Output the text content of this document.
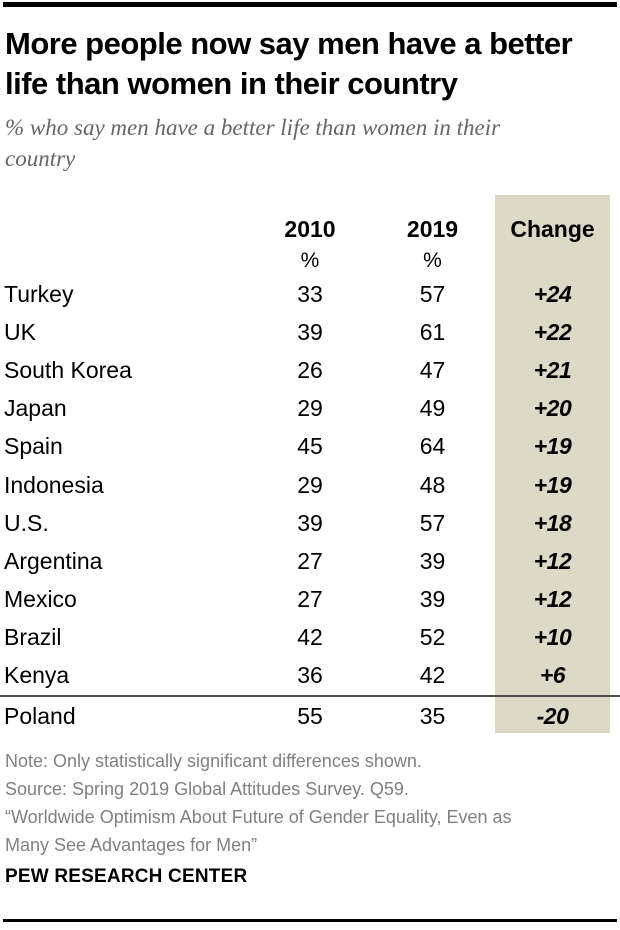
More people now say men have a better
life than women in their country
% who say men have a better life than women in their
country
2010	2019	Change
%	%
Turkey	33	57	+24
UK	39	61	+22
South Korea	26	47	+21
Japan	29	49	+20
Spain	45	64	+19
Indonesia	29	48	+19
U.S.	39	57	+18
Argentina	27	39	+12
Mexico	27	39	+12
Brazil	42	52	+10
Kenya	36	42	+6
Poland	55	35	-20
Note: Only statistically significant differences shown.
Source: Spring 2019 Global Attitudes Survey. Q59.
“Worldwide Optimism About Future of Gender Equality, Even as
Many See Advantages for Men”
PEW RESEARCH CENTER
